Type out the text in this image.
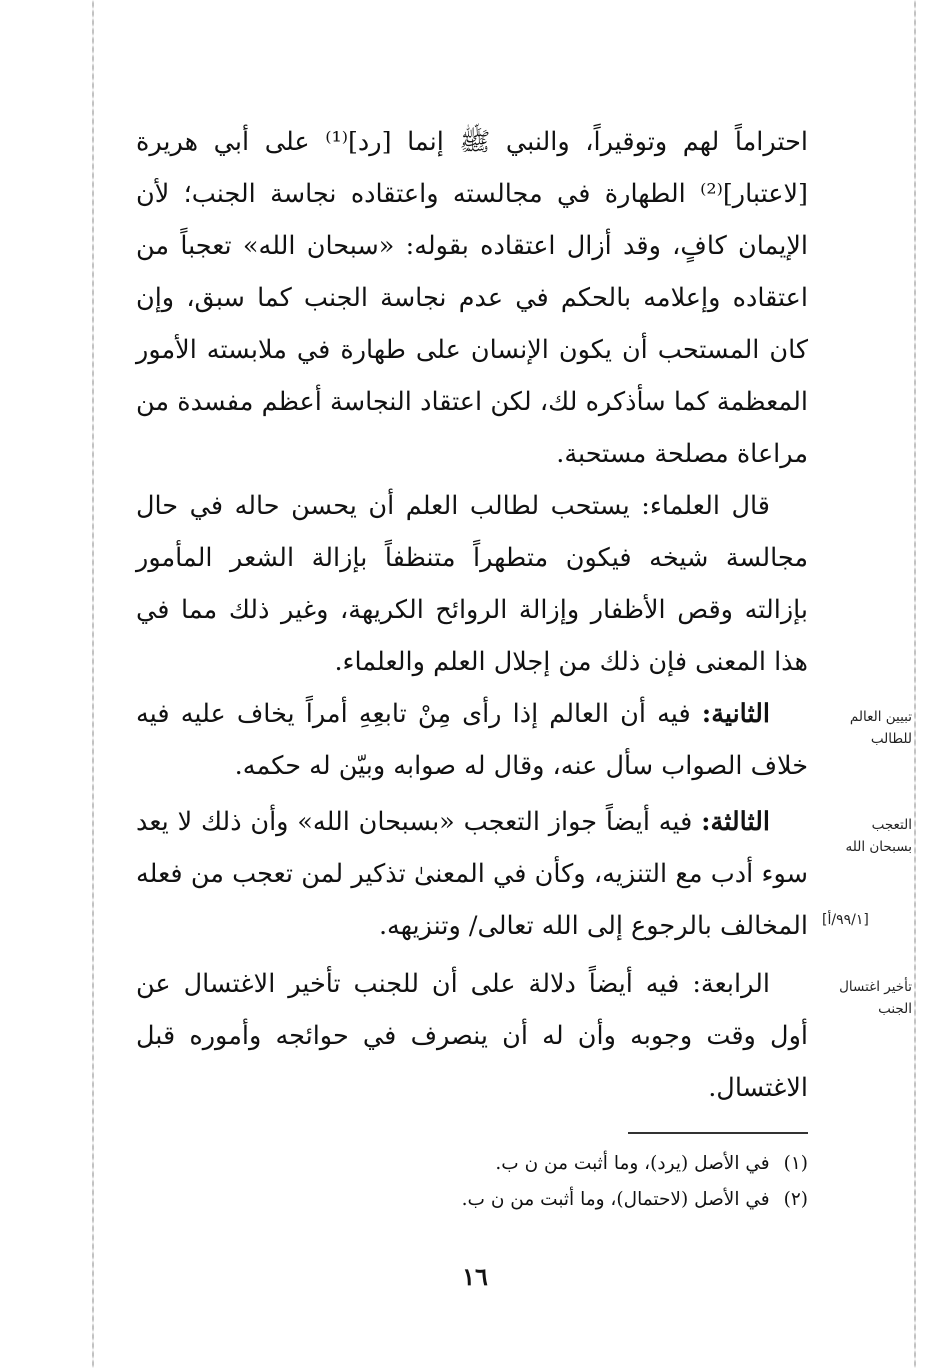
احتراماً لهم وتوقيراً، والنبي ﷺ إنما [رد]⁽¹⁾ على أبي هريرة [لاعتبار]⁽²⁾ الطهارة في مجالسته واعتقاده نجاسة الجنب؛ لأن الإيمان كافٍ، وقد أزال اعتقاده بقوله: «سبحان الله» تعجباً من اعتقاده وإعلامه بالحكم في عدم نجاسة الجنب كما سبق، وإن كان المستحب أن يكون الإنسان على طهارة في ملابسته الأمور المعظمة كما سأذكره لك، لكن اعتقاد النجاسة أعظم مفسدة من مراعاة مصلحة مستحبة.

قال العلماء: يستحب لطالب العلم أن يحسن حاله في حال مجالسة شيخه فيكون متطهراً متنظفاً بإزالة الشعر المأمور بإزالته وقص الأظفار وإزالة الروائح الكريهة، وغير ذلك مما في هذا المعنى فإن ذلك من إجلال العلم والعلماء.

تبيين العالم
للطالب

الثانية: فيه أن العالم إذا رأى مِنْ تابعِهِ أمراً يخاف عليه فيه خلاف الصواب سأل عنه، وقال له صوابه وبيّن له حكمه.

التعجب
بسبحان الله
[٩٩/١/أ]

الثالثة: فيه أيضاً جواز التعجب «بسبحان الله» وأن ذلك لا يعد سوء أدب مع التنزيه، وكأن في المعنىٰ تذكير لمن تعجب من فعله المخالف بالرجوع إلى الله تعالى/ وتنزيهه.

تأخير اغتسال
الجنب

الرابعة: فيه أيضاً دلالة على أن للجنب تأخير الاغتسال عن أول وقت وجوبه وأن له أن ينصرف في حوائجه وأموره قبل الاغتسال.

(١)في الأصل (يرد)، وما أثبت من ن ب.

(٢)في الأصل (لاحتمال)، وما أثبت من ن ب.

١٦
